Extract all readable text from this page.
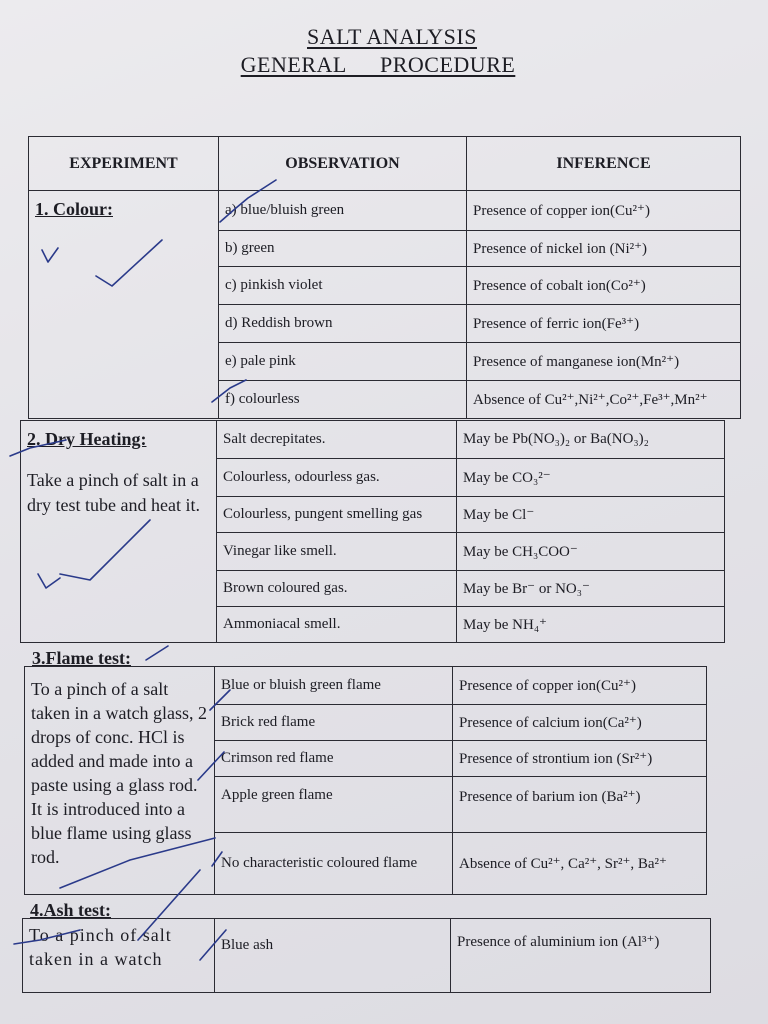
SALT ANALYSIS
GENERAL PROCEDURE
EXPERIMENT	OBSERVATION	INFERENCE

1. Colour:	a) blue/bluish green	Presence of copper ion(Cu²⁺)
	b) green	Presence of nickel ion (Ni²⁺)
	c) pinkish violet	Presence of cobalt ion(Co²⁺)
	d) Reddish brown	Presence of ferric ion(Fe³⁺)
	e) pale pink	Presence of manganese ion(Mn²⁺)
	f) colourless	Absence of Cu²⁺,Ni²⁺,Co²⁺,Fe³⁺,Mn²⁺
2. Dry Heating:
Take a pinch of salt in a dry test tube and heat it.	Salt decrepitates.	May be Pb(NO₃)₂ or Ba(NO₃)₂
	Colourless, odourless gas.	May be CO₃²⁻
	Colourless, pungent smelling gas	May be Cl⁻
	Vinegar like smell.	May be CH₃COO⁻
	Brown coloured gas.	May be Br⁻ or NO₃⁻
	Ammoniacal smell.	May be NH₄⁺
3.Flame test:
To a pinch of a salt taken in a watch glass, 2 drops of conc. HCl is added and made into a paste using a glass rod. It is introduced into a blue flame using glass rod.	Blue or bluish green flame	Presence of copper ion(Cu²⁺)
	Brick red flame	Presence of calcium ion(Ca²⁺)
	Crimson red flame	Presence of strontium ion (Sr²⁺)
	Apple green flame	Presence of barium ion (Ba²⁺)
	No characteristic coloured flame	Absence of Cu²⁺, Ca²⁺, Sr²⁺, Ba²⁺
4.Ash test:
To a pinch of salt taken in a watch	Blue ash	Presence of aluminium ion (Al³⁺)
